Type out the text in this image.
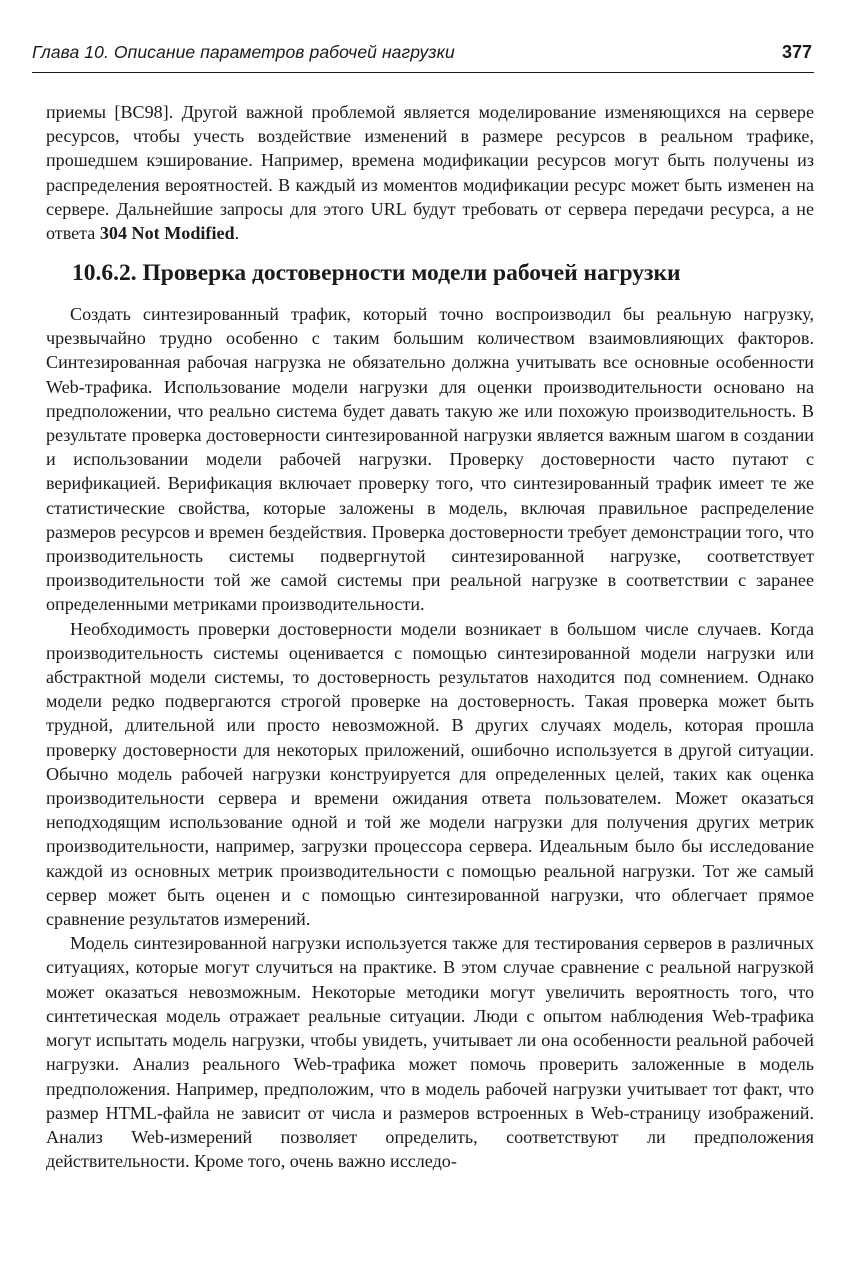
Глава 10. Описание параметров рабочей нагрузки	377

приемы [BC98]. Другой важной проблемой является моделирование изменяющихся на сервере ресурсов, чтобы учесть воздействие изменений в размере ресурсов в реальном трафике, прошедшем кэширование. Например, времена модификации ресурсов могут быть получены из распределения вероятностей. В каждый из моментов модификации ресурс может быть изменен на сервере. Дальнейшие запросы для этого URL будут требовать от сервера передачи ресурса, а не ответа 304 Not Modified.

10.6.2. Проверка достоверности модели рабочей нагрузки

Создать синтезированный трафик, который точно воспроизводил бы реальную нагрузку, чрезвычайно трудно особенно с таким большим количеством взаимовлияющих факторов. Синтезированная рабочая нагрузка не обязательно должна учитывать все основные особенности Web-трафика. Использование модели нагрузки для оценки производительности основано на предположении, что реально система будет давать такую же или похожую производительность. В результате проверка достоверности синтезированной нагрузки является важным шагом в создании и использовании модели рабочей нагрузки. Проверку достоверности часто путают с верификацией. Верификация включает проверку того, что синтезированный трафик имеет те же статистические свойства, которые заложены в модель, включая правильное распределение размеров ресурсов и времен бездействия. Проверка достоверности требует демонстрации того, что производительность системы подвергнутой синтезированной нагрузке, соответствует производительности той же самой системы при реальной нагрузке в соответствии с заранее определенными метриками производительности.

Необходимость проверки достоверности модели возникает в большом числе случаев. Когда производительность системы оценивается с помощью синтезированной модели нагрузки или абстрактной модели системы, то достоверность результатов находится под сомнением. Однако модели редко подвергаются строгой проверке на достоверность. Такая проверка может быть трудной, длительной или просто невозможной. В других случаях модель, которая прошла проверку достоверности для некоторых приложений, ошибочно используется в другой ситуации. Обычно модель рабочей нагрузки конструируется для определенных целей, таких как оценка производительности сервера и времени ожидания ответа пользователем. Может оказаться неподходящим использование одной и той же модели нагрузки для получения других метрик производительности, например, загрузки процессора сервера. Идеальным было бы исследование каждой из основных метрик производительности с помощью реальной нагрузки. Тот же самый сервер может быть оценен и с помощью синтезированной нагрузки, что облегчает прямое сравнение результатов измерений.

Модель синтезированной нагрузки используется также для тестирования серверов в различных ситуациях, которые могут случиться на практике. В этом случае сравнение с реальной нагрузкой может оказаться невозможным. Некоторые методики могут увеличить вероятность того, что синтетическая модель отражает реальные ситуации. Люди с опытом наблюдения Web-трафика могут испытать модель нагрузки, чтобы увидеть, учитывает ли она особенности реальной рабочей нагрузки. Анализ реального Web-трафика может помочь проверить заложенные в модель предположения. Например, предположим, что в модель рабочей нагрузки учитывает тот факт, что размер HTML-файла не зависит от числа и размеров встроенных в Web-страницу изображений. Анализ Web-измерений позволяет определить, соответствуют ли предположения действительности. Кроме того, очень важно исследо-
